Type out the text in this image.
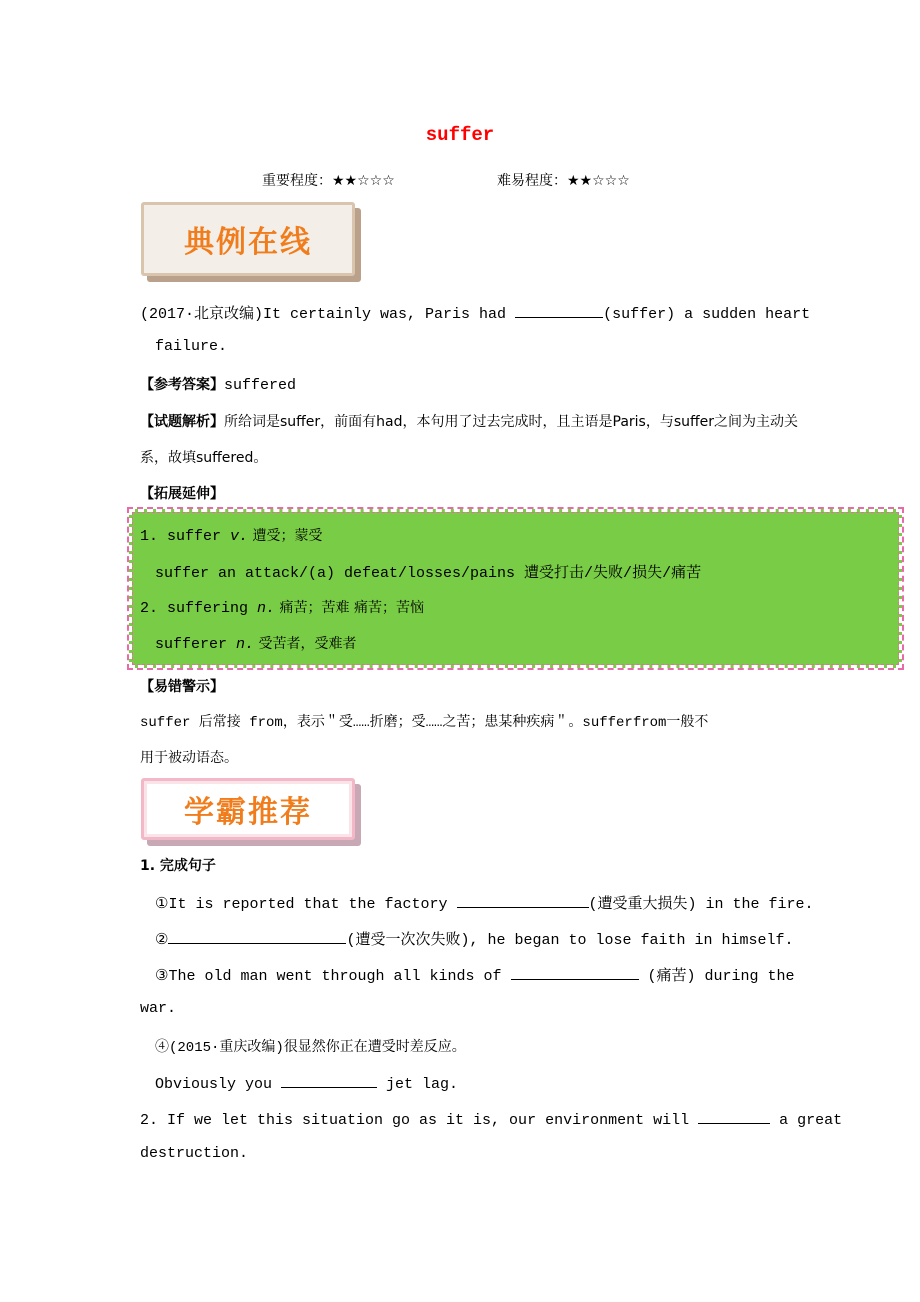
suffer
重要程度：★★☆☆☆	难易程度：★★☆☆☆
典例在线
(2017·北京改编)It certainly was, Paris had	(suffer) a sudden heart
failure.
【参考答案】suffered
【试题解析】所给词是suffer，前面有had，本句用了过去完成时，且主语是Paris，与suffer之间为主动关
系，故填suffered。
【拓展延伸】
1. suffer v. 遭受；蒙受
suffer an attack/(a) defeat/losses/pains 遭受打击/失败/损失/痛苦
2. suffering n. 痛苦；苦难 痛苦；苦恼
sufferer n. 受苦者，受难者
【易错警示】
suffer 后常接 from，表示＂受……折磨；受……之苦；患某种疾病＂。sufferfrom一般不
用于被动语态。
学霸推荐
1. 完成句子
①It is reported that the factory	(遭受重大损失) in the fire.
②	(遭受一次次失败), he began to lose faith in himself.
③The old man went through all kinds of	(痛苦) during the
war.
④(2015·重庆改编)很显然你正在遭受时差反应。
Obviously you	jet lag.
2. If we let this situation go as it is, our environment will	a great
destruction.
